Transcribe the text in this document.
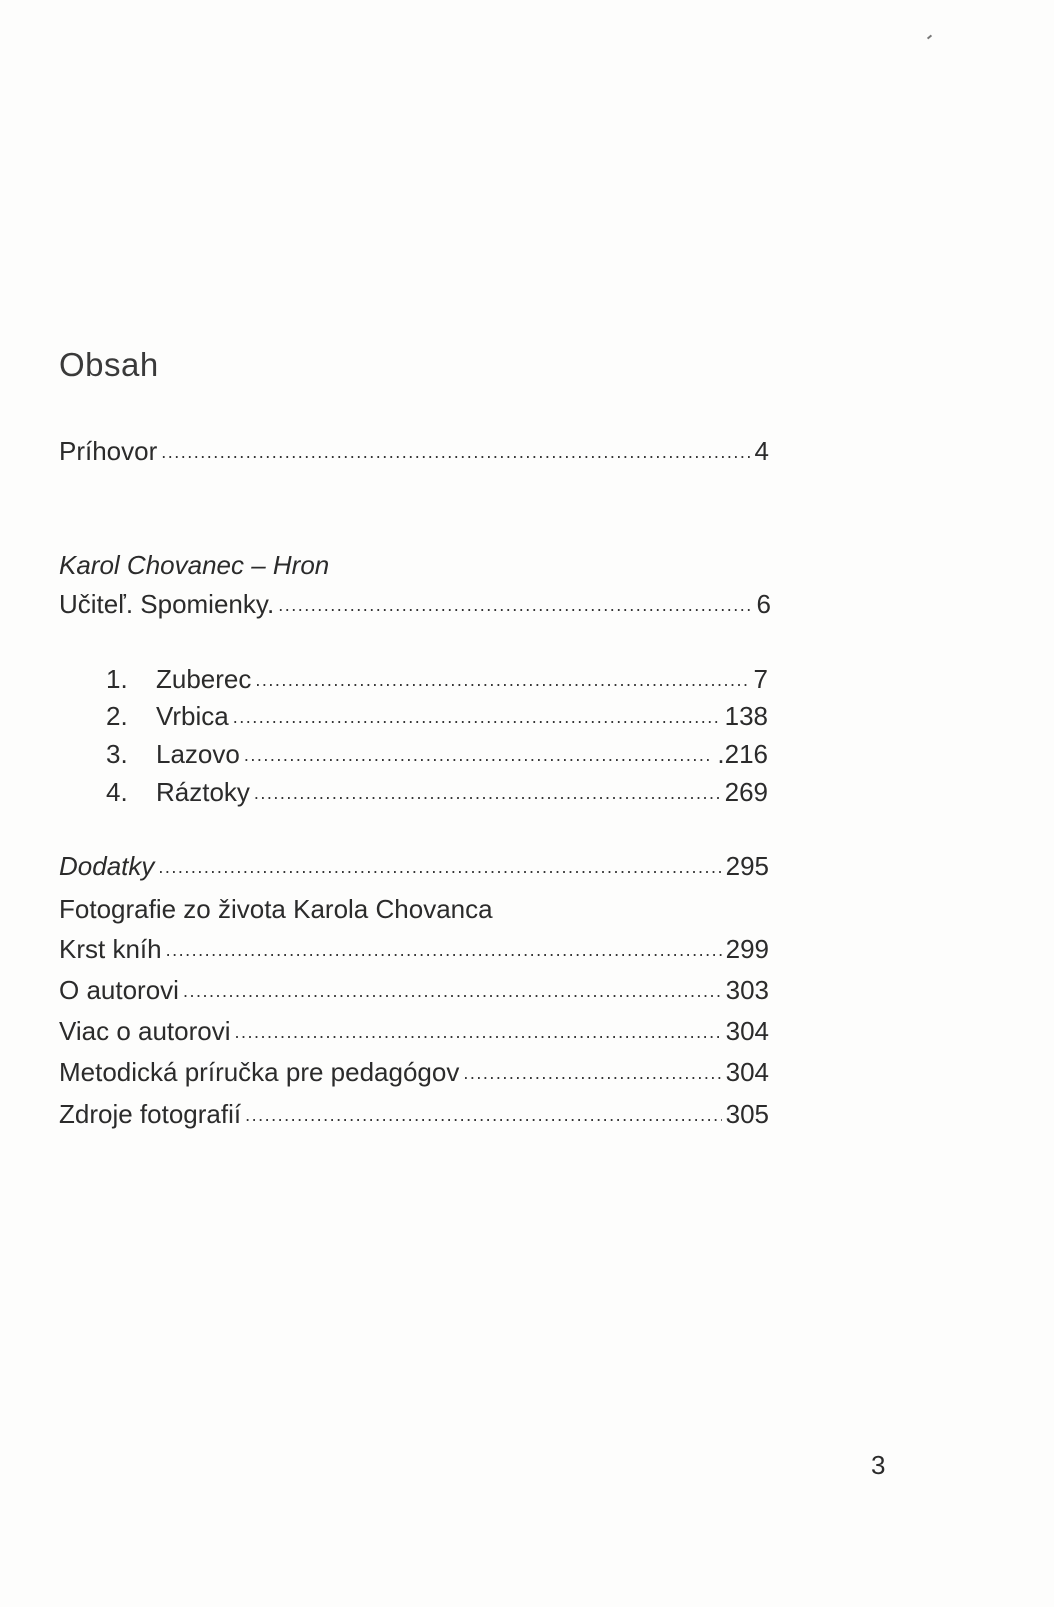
Obsah
Príhovor .....	4
Karol Chovanec – Hron
Učiteľ. Spomienky. .....	6
1.	Zuberec .....	7
2.	Vrbica .....	138
3.	Lazovo .....	.216
4.	Ráztoky .....	269
Dodatky .....	295
Fotografie zo života Karola Chovanca
Krst kníh .....	299
O autorovi .....	303
Viac o autorovi .....	304
Metodická príručka pre pedagógov .....	304
Zdroje fotografií .....	305
3
